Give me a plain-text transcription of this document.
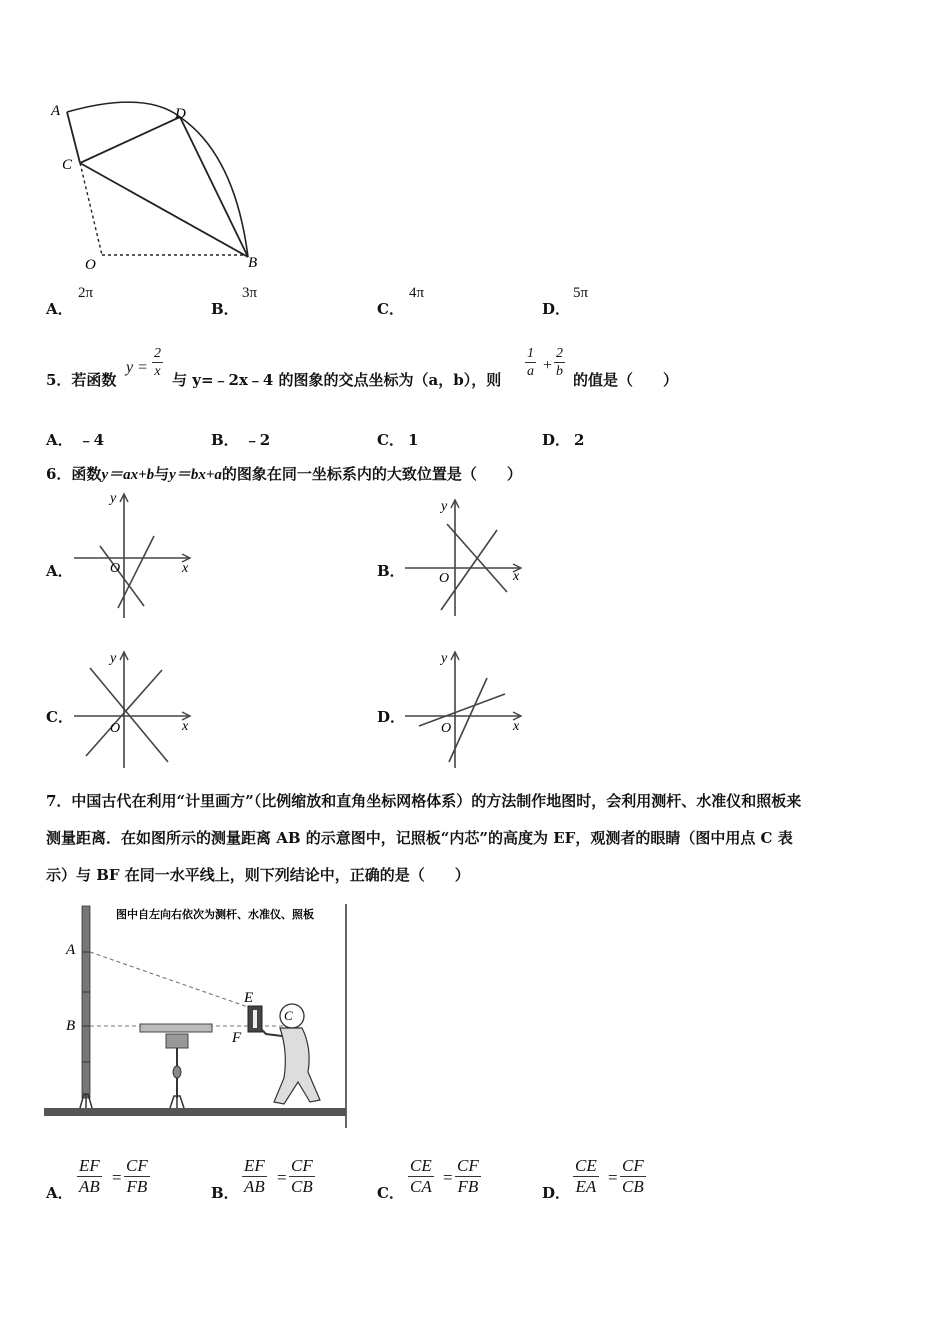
A	D
C
O	B
A．
2π
B．
3π
C．
4π
D．
5π
5．若函数
$y = \frac{2}{x}$ 与 y=﹣2x﹣4 的图象的交点坐标为（a，b），则 $\frac{1}{a} + \frac{2}{b}$ 的值是（　　）
A． ﹣4	B． ﹣2	C． 1	D． 2
6．函数y＝ax+b与y＝bx+a的图象在同一坐标系内的大致位置是（　　）
A．
y
x
O	B．
y
x
O
C．
y
x
O
D．
y
x
O
7．中国古代在利用“计里画方”（比例缩放和直角坐标网格体系）的方法制作地图时，会利用测杆、水准仪和照板来
测量距离．在如图所示的测量距离 AB 的示意图中，记照板“内芯”的高度为 EF，观测者的眼睛（图中用点 C 表
示）与 BF 在同一水平线上，则下列结论中，正确的是（　　）
图中自左向右依次为测杆、水准仪、照板
A
B
E
F
C
A． $\frac{EF}{AB} = \frac{CF}{FB}$	B． $\frac{EF}{AB} = \frac{CF}{CB}$	C． $\frac{CE}{CA} = \frac{CF}{FB}$	D． $\frac{CE}{EA} = \frac{CF}{CB}$
